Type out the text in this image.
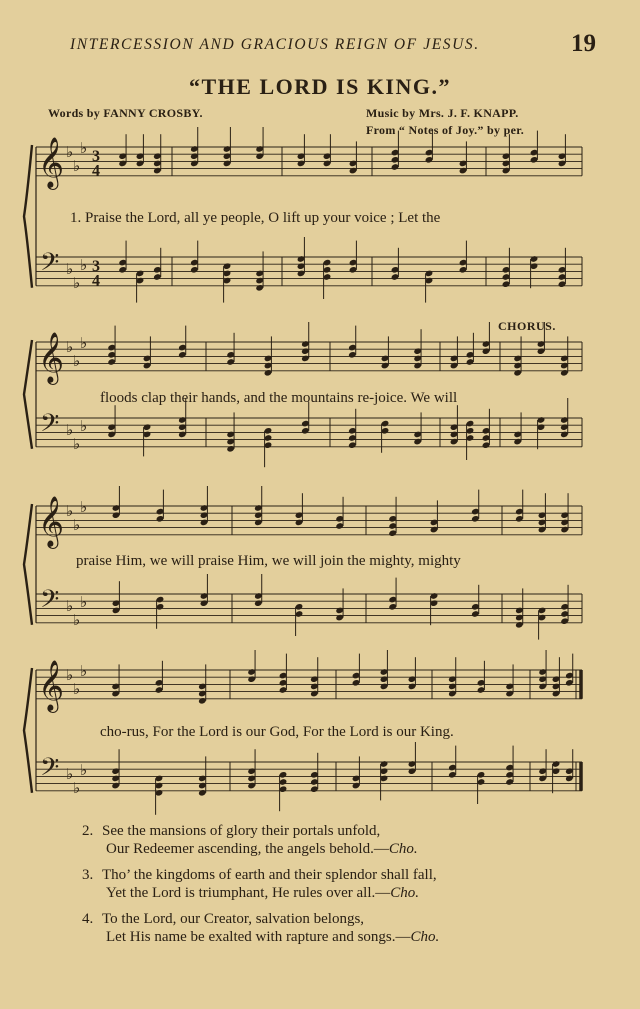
INTERCESSION AND GRACIOUS REIGN OF JESUS.	19
“THE LORD IS KING.”
Words by FANNY CROSBY.	Music by Mrs. J. F. KNAPP.
From “ Notes of Joy.” by per.
𝄞
𝄢
♭
♭
♭
♭
♭
♭
3
4
3
4
𝄞
𝄢
♭
♭
♭
♭
♭
♭
𝄞
𝄢
♭
♭
♭
♭
♭
♭
𝄞
𝄢
♭
♭
♭
♭
♭
♭
1. Praise the Lord, all ye people, O lift up your voice ; Let the
CHORUS.
floods clap their hands, and the mountains re-joice. We will
praise Him, we will praise Him, we will join the mighty, mighty
cho-rus, For the Lord is our God, For the Lord is our King.
2. See the mansions of glory their portals unfold,
Our Redeemer ascending, the angels behold.—Cho.
3. Tho’ the kingdoms of earth and their splendor shall fall,
Yet the Lord is triumphant, He rules over all.—Cho.
4. To the Lord, our Creator, salvation belongs,
Let His name be exalted with rapture and songs.—Cho.
